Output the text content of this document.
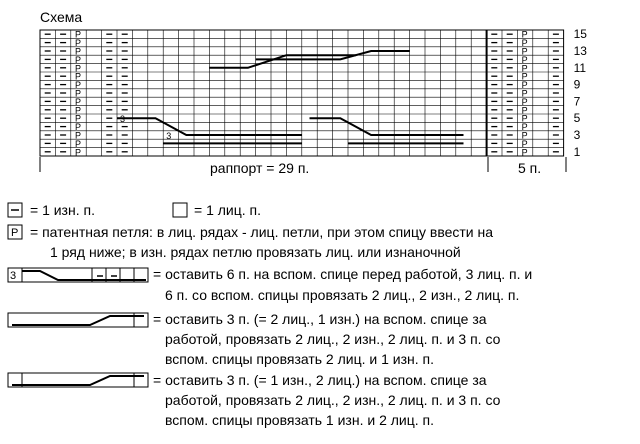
Схема
P
P
P
P
P
P
P
P
P
P
P
P
P
P
P
P
P
P
P
P
P
P
P
P
P
P
P
P
P
P
3
3
15
13
11
9
7
5
3
1
раппорт = 29 п.	5 п.
P
3

= 1 изн. п.	= 1 лиц. п.

= патентная петля: в лиц. рядах - лиц. петли, при этом спицу ввести на

1 ряд ниже; в изн. рядах петлю провязать лиц. или изнаночной

= оставить 6 п. на вспом. спице перед работой, 3 лиц. п. и

6 п. со вспом. спицы провязать 2 лиц., 2 изн., 2 лиц. п.

= оставить 3 п. (= 2 лиц., 1 изн.) на вспом. спице за

работой, провязать 2 лиц., 2 изн., 2 лиц. п. и 3 п. со

вспом. спицы провязать 2 лиц. и 1 изн. п.

= оставить 3 п. (= 1 изн., 2 лиц.) на вспом. спице за

работой, провязать 2 лиц., 2 изн., 2 лиц. п. и 3 п. со

вспом. спицы провязать 1 изн. и 2 лиц. п.
